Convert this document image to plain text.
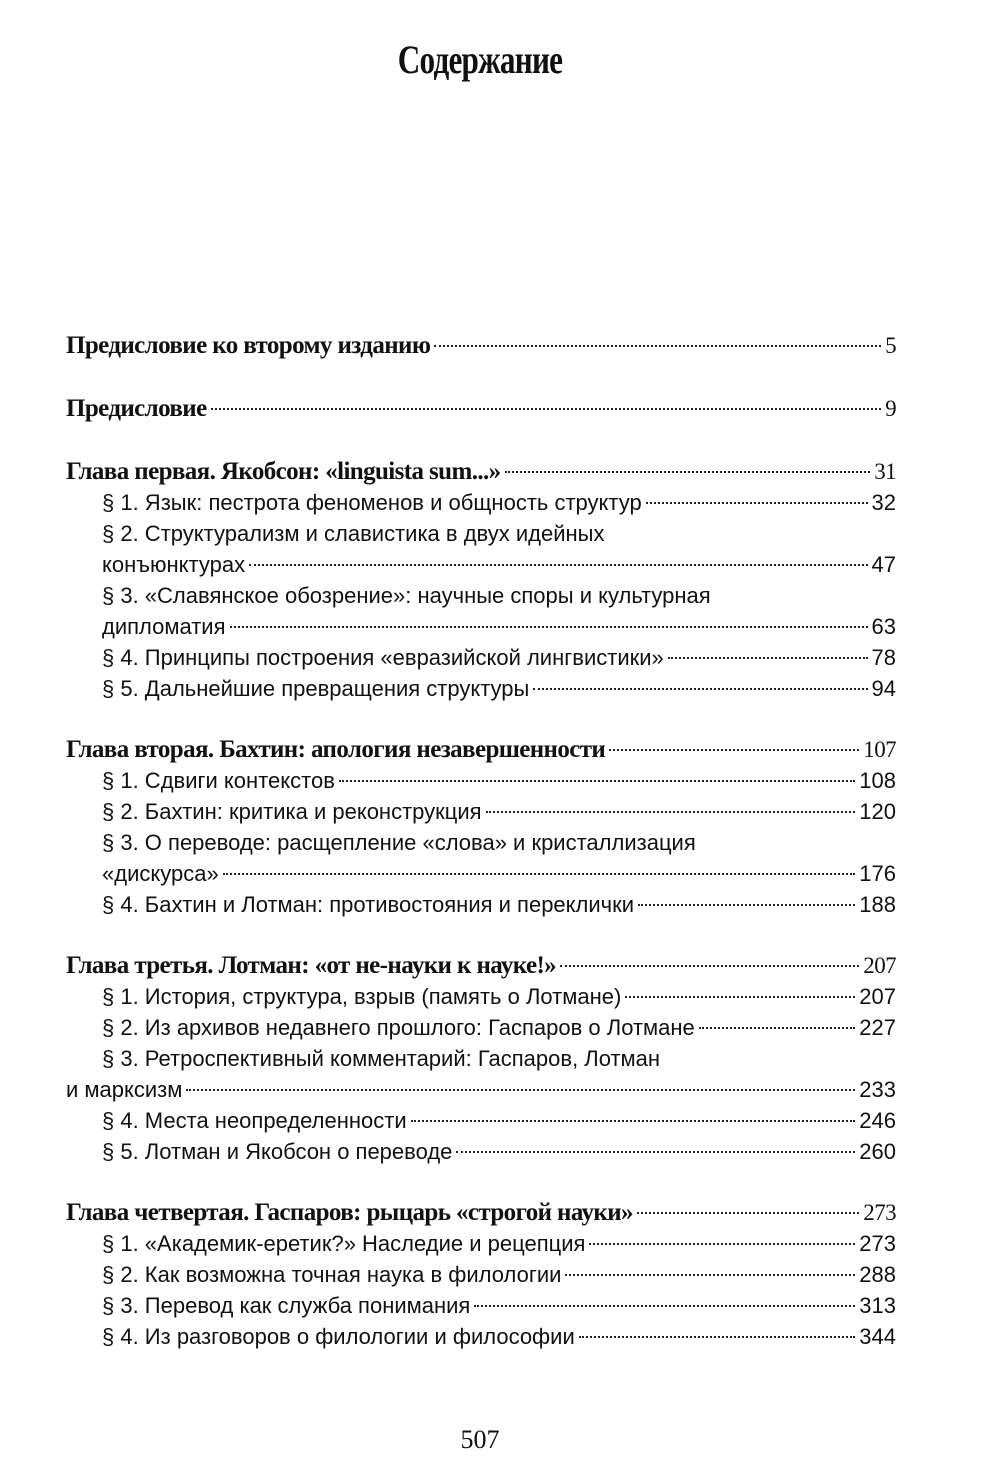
Содержание
Предисловие ко второму изданию	5
Предисловие	9
Глава первая. Якобсон: «linguista sum...»	31
§ 1. Язык: пестрота феноменов и общность структур	32
§ 2. Структурализм и славистика в двух идейных
конъюнктурах	47
§ 3. «Славянское обозрение»: научные споры и культурная
дипломатия	63
§ 4. Принципы построения «евразийской лингвистики»	78
§ 5. Дальнейшие превращения структуры	94
Глава вторая. Бахтин: апология незавершенности	107
§ 1. Сдвиги контекстов	108
§ 2. Бахтин: критика и реконструкция	120
§ 3. О переводе: расщепление «слова» и кристаллизация
«дискурса»	176
§ 4. Бахтин и Лотман: противостояния и переклички	188
Глава третья. Лотман: «от не-науки к науке!»	207
§ 1. История, структура, взрыв (память о Лотмане)	207
§ 2. Из архивов недавнего прошлого: Гаспаров о Лотмане	227
§ 3. Ретроспективный комментарий: Гаспаров, Лотман
и марксизм	233
§ 4. Места неопределенности	246
§ 5. Лотман и Якобсон о переводе	260
Глава четвертая. Гаспаров: рыцарь «строгой науки»	273
§ 1. «Академик-еретик?» Наследие и рецепция	273
§ 2. Как возможна точная наука в филологии	288
§ 3. Перевод как служба понимания	313
§ 4. Из разговоров о филологии и философии	344
507
